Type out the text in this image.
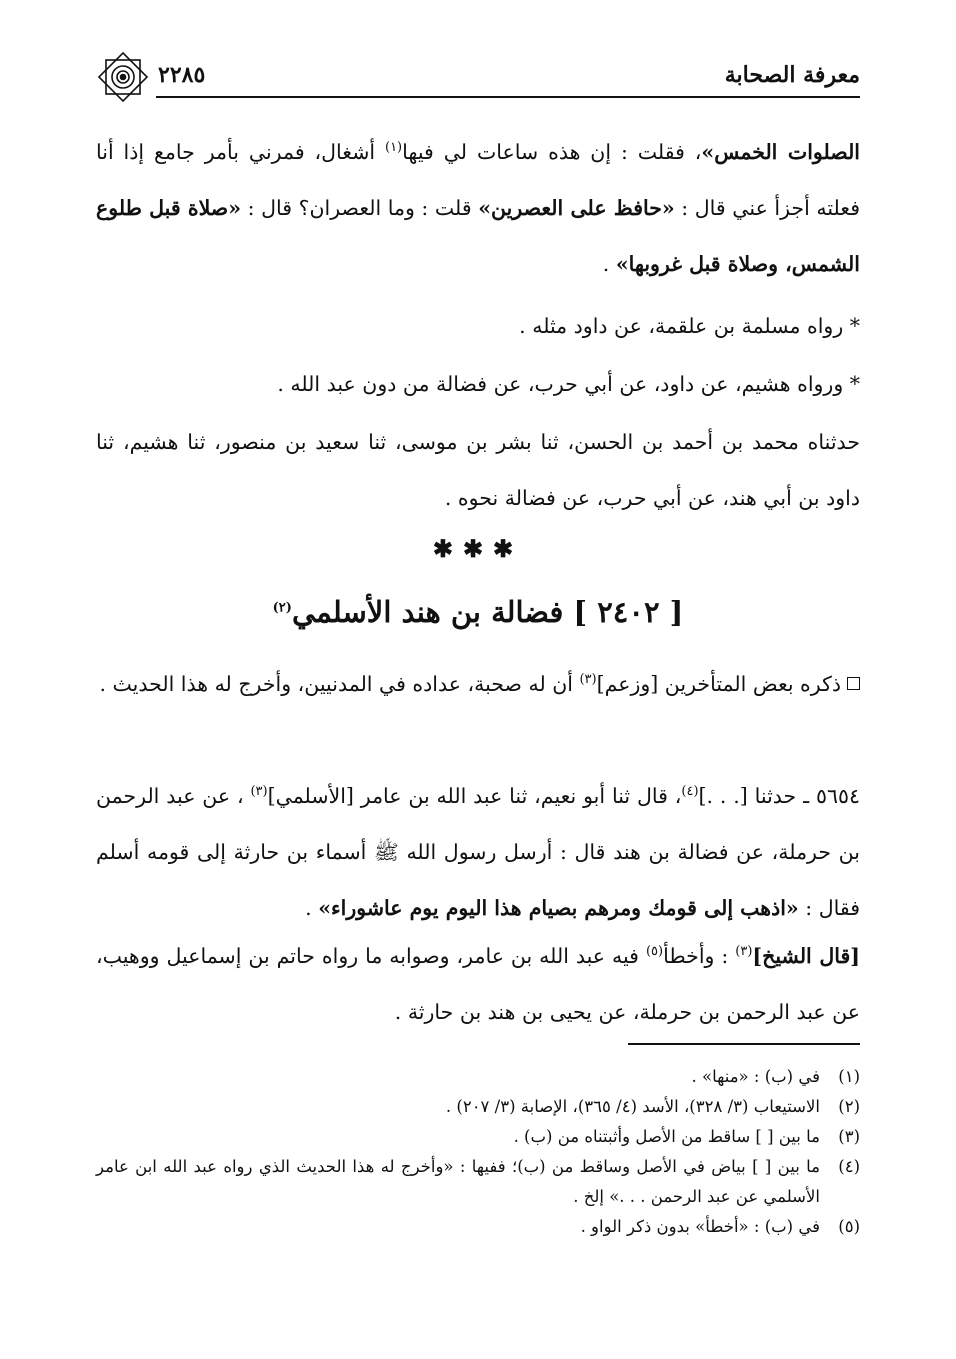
معرفة الصحابة
٢٢٨٥
الصلوات الخمس»، فقلت : إن هذه ساعات لي فيها$^{(١)}$ أشغال، فمرني بأمر جامع إذا أنا فعلته أجزأ عني قال : «حافظ على العصرين» قلت : وما العصران؟ قال : «صلاة قبل طلوع الشمس، وصلاة قبل غروبها» .
* رواه مسلمة بن علقمة، عن داود مثله .
* ورواه هشيم، عن داود، عن أبي حرب، عن فضالة من دون عبد الله .
حدثناه محمد بن أحمد بن الحسن، ثنا بشر بن موسى، ثنا سعيد بن منصور، ثنا هشيم، ثنا داود بن أبي هند، عن أبي حرب، عن فضالة نحوه .
✱✱✱
[ ٢٤٠٢ ] فضالة بن هند الأسلمي$^{(٢)}$
ذكره بعض المتأخرين [وزعم]$^{(٣)}$ أن له صحبة، عداده في المدنيين، وأخرج له هذا الحديث .
٥٦٥٤ ـ حدثنا [. . .]$^{(٤)}$، قال ثنا أبو نعيم، ثنا عبد الله بن عامر [الأسلمي]$^{(٣)}$ ، عن عبد الرحمن بن حرملة، عن فضالة بن هند قال : أرسل رسول الله ﷺ أسماء بن حارثة إلى قومه أسلم فقال : «اذهب إلى قومك ومرهم بصيام هذا اليوم يوم عاشوراء» .
[قال الشيخ]$^{(٣)}$ : وأخطأ$^{(٥)}$ فيه عبد الله بن عامر، وصوابه ما رواه حاتم بن إسماعيل ووهيب، عن عبد الرحمن بن حرملة، عن يحيى بن هند بن حارثة .
(١)
في (ب) : «منها» .
(٢)
الاستيعاب (٣/ ٣٢٨)، الأسد (٤/ ٣٦٥)، الإصابة (٣/ ٢٠٧) .
(٣)
ما بين [ ] ساقط من الأصل وأثبتناه من (ب) .
(٤)
ما بين [ ] بياض في الأصل وساقط من (ب)؛ ففيها : «وأخرج له هذا الحديث الذي رواه عبد الله ابن عامر الأسلمي عن عبد الرحمن . . .» إلخ .
(٥)
في (ب) : «أخطأ» بدون ذكر الواو .
